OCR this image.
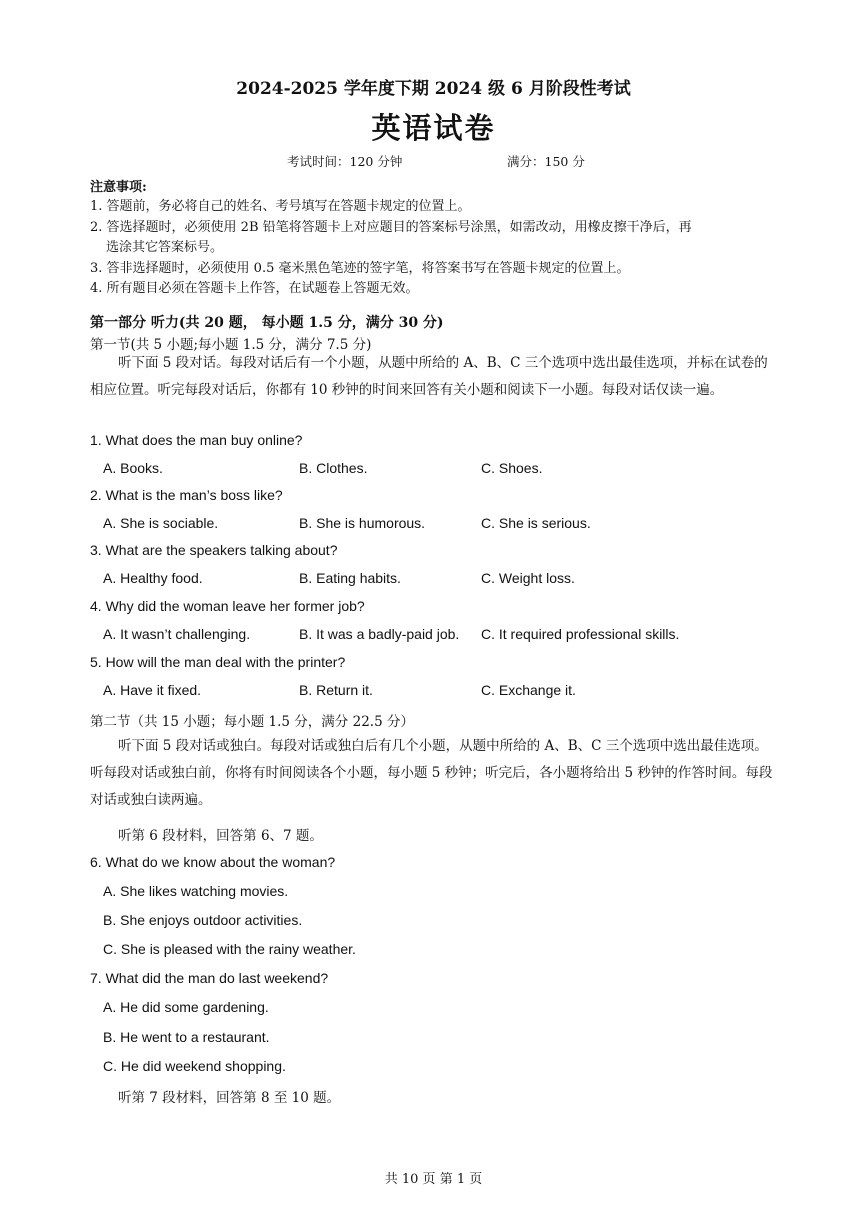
2024-2025 学年度下期 2024 级 6 月阶段性考试
英语试卷
考试时间：120 分钟	满分：150 分
注意事项:
1. 答题前，务必将自己的姓名、考号填写在答题卡规定的位置上。
2. 答选择题时，必须使用 2B 铅笔将答题卡上对应题目的答案标号涂黑，如需改动，用橡皮擦干净后，再
选涂其它答案标号。
3. 答非选择题时，必须使用 0.5 毫米黑色笔迹的签字笔，将答案书写在答题卡规定的位置上。
4. 所有题目必须在答题卡上作答，在试题卷上答题无效。
第一部分 听力(共 20 题， 每小题 1.5 分，满分 30 分)
第一节(共 5 小题;每小题 1.5 分，满分 7.5 分)
听下面 5 段对话。每段对话后有一个小题，从题中所给的 A、B、C 三个选项中选出最佳选项，并标在试卷的相应位置。听完每段对话后，你都有 10 秒钟的时间来回答有关小题和阅读下一小题。每段对话仅读一遍。
1. What does the man buy online?
A. Books.	B. Clothes.	C. Shoes.
2. What is the man’s boss like?
A. She is sociable.	B. She is humorous.	C. She is serious.
3. What are the speakers talking about?
A. Healthy food.	B. Eating habits.	C. Weight loss.
4. Why did the woman leave her former job?
A. It wasn’t challenging.	B. It was a badly-paid job. C. It required professional skills.
5. How will the man deal with the printer?
A. Have it fixed.	B. Return it.	C. Exchange it.
第二节（共 15 小题；每小题 1.5 分，满分 22.5 分）
听下面 5 段对话或独白。每段对话或独白后有几个小题，从题中所给的 A、B、C 三个选项中选出最佳选项。听每段对话或独白前，你将有时间阅读各个小题，每小题 5 秒钟；听完后，各小题将给出 5 秒钟的作答时间。每段对话或独白读两遍。
听第 6 段材料，回答第 6、7 题。
6. What do we know about the woman?
A. She likes watching movies.
B. She enjoys outdoor activities.
C. She is pleased with the rainy weather.
7. What did the man do last weekend?
A. He did some gardening.
B. He went to a restaurant.
C. He did weekend shopping.
听第 7 段材料，回答第 8 至 10 题。
共 10 页 第 1 页
